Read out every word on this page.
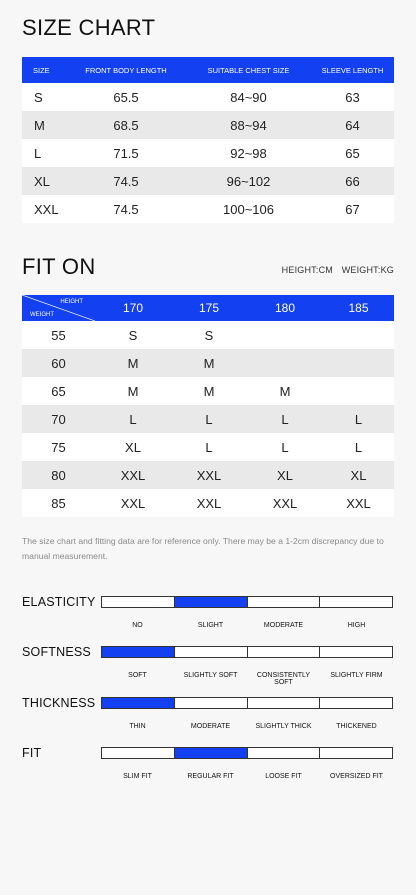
SIZE CHART
SIZE	FRONT BODY LENGTH	SUITABLE CHEST SIZE	SLEEVE LENGTH
S	65.5	84~90	63
M	68.5	88~94	64
L	71.5	92~98	65
XL	74.5	96~102	66
XXL	74.5	100~106	67
FIT ON	HEIGHT:CM WEIGHT:KG
HEIGHT
WEIGHT	170	175	180	185
55	S	S		
60	M	M		
65	M	M	M	
70	L	L	L	L
75	XL	L	L	L
80	XXL	XXL	XL	XL
85	XXL	XXL	XXL	XXL
The size chart and fitting data are for reference only. There may be a 1-2cm discrepancy due to manual measurement.
ELASTICITY
NO	SLIGHT	MODERATE	HIGH
SOFTNESS
SOFT	SLIGHTLY SOFT	CONSISTENTLY SOFT
SLIGHTLY FIRM
THICKNESS
THIN	MODERATE	SLIGHTLY THICK	THICKENED
FIT
SLIM FIT	REGULAR FIT	LOOSE FIT	OVERSIZED FIT
